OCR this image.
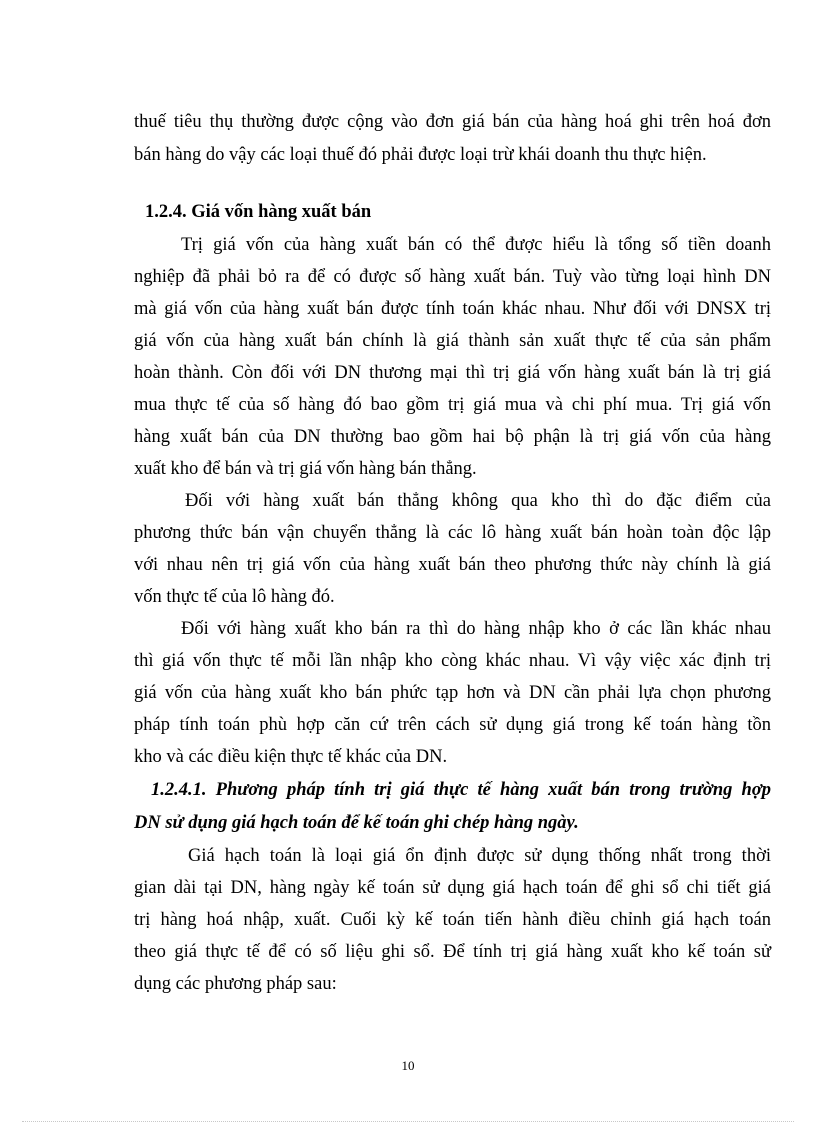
thuế tiêu thụ thường được cộng vào đơn giá bán của hàng hoá ghi trên hoá đơn
bán hàng do vậy các loại thuế đó phải được loại trừ khái doanh thu thực hiện.
1.2.4. Giá vốn hàng xuất bán
Trị giá vốn của hàng xuất bán có thể được hiểu là tổng số tiền doanh
nghiệp đã phải bỏ ra để có được số hàng xuất bán. Tuỳ vào từng loại hình DN
mà giá vốn của hàng xuất bán được tính toán khác nhau. Như đối với DNSX trị
giá vốn của hàng xuất bán chính là giá thành sản xuất thực tế của sản phẩm
hoàn thành. Còn đối với DN thương mại thì trị giá vốn hàng xuất bán là trị giá
mua thực tế của số hàng đó bao gồm trị giá mua và chi phí mua. Trị giá vốn
hàng xuất bán của DN thường bao gồm hai bộ phận là trị giá vốn của hàng
xuất kho để bán và trị giá vốn hàng bán thẳng.
Đối với hàng xuất bán thẳng không qua kho thì do đặc điểm của
phương thức bán vận chuyển thẳng là các lô hàng xuất bán hoàn toàn độc lập
với nhau nên trị giá vốn của hàng xuất bán theo phương thức này chính là giá
vốn thực tế của lô hàng đó.
Đối với hàng xuất kho bán ra thì do hàng nhập kho ở các lần khác nhau
thì giá vốn thực tế mỗi lần nhập kho còng khác nhau. Vì vậy việc xác định trị
giá vốn của hàng xuất kho bán phức tạp hơn và DN cần phải lựa chọn phương
pháp tính toán phù hợp căn cứ trên cách sử dụng giá trong kế toán hàng tồn
kho và các điều kiện thực tế khác của DN.
1.2.4.1. Phương pháp tính trị giá thực tế hàng xuất bán trong trường hợp
DN sử dụng giá hạch toán để kế toán ghi chép hàng ngày.
Giá hạch toán là loại giá ổn định được sử dụng thống nhất trong thời
gian dài tại DN, hàng ngày kế toán sử dụng giá hạch toán để ghi sổ chi tiết giá
trị hàng hoá nhập, xuất. Cuối kỳ kế toán tiến hành điều chỉnh giá hạch toán
theo giá thực tế để có số liệu ghi sổ. Để tính trị giá hàng xuất kho kế toán sử
dụng các phương pháp sau:
10
